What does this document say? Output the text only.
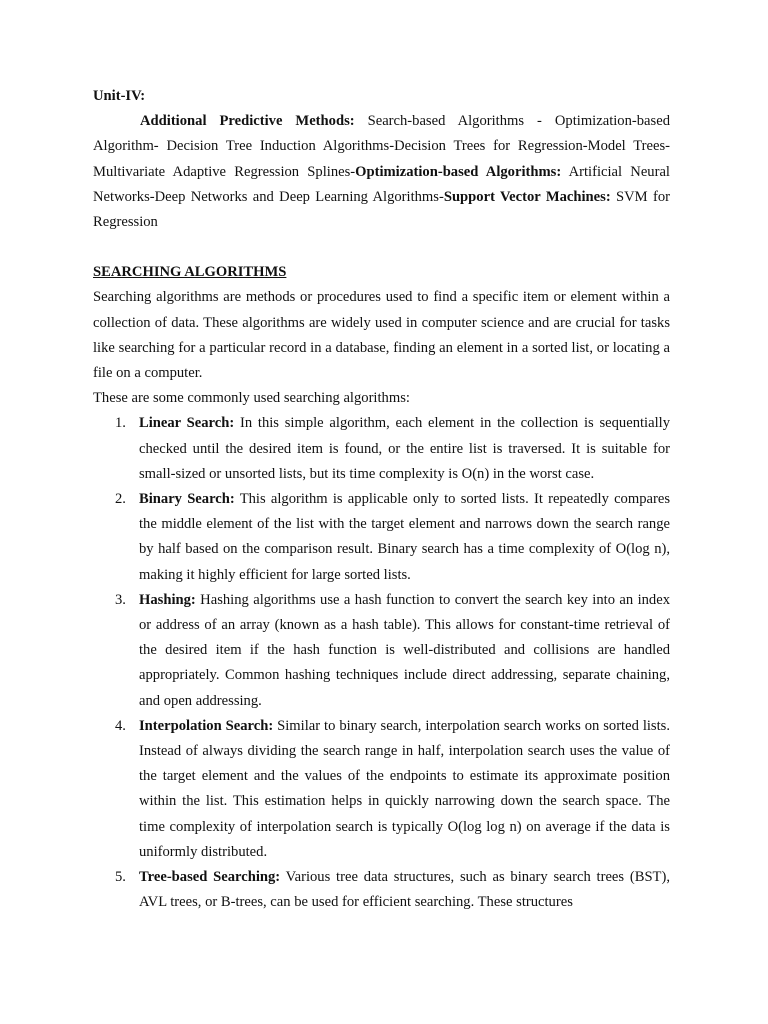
Unit-IV:

Additional Predictive Methods: Search-based Algorithms - Optimization-based Algorithm- Decision Tree Induction Algorithms-Decision Trees for Regression-Model Trees-Multivariate Adaptive Regression Splines-Optimization-based Algorithms: Artificial Neural Networks-Deep Networks and Deep Learning Algorithms-Support Vector Machines: SVM for Regression

SEARCHING ALGORITHMS

Searching algorithms are methods or procedures used to find a specific item or element within a collection of data. These algorithms are widely used in computer science and are crucial for tasks like searching for a particular record in a database, finding an element in a sorted list, or locating a file on a computer.

These are some commonly used searching algorithms:

1. Linear Search: In this simple algorithm, each element in the collection is sequentially checked until the desired item is found, or the entire list is traversed. It is suitable for small-sized or unsorted lists, but its time complexity is O(n) in the worst case.
2. Binary Search: This algorithm is applicable only to sorted lists. It repeatedly compares the middle element of the list with the target element and narrows down the search range by half based on the comparison result. Binary search has a time complexity of O(log n), making it highly efficient for large sorted lists.
3. Hashing: Hashing algorithms use a hash function to convert the search key into an index or address of an array (known as a hash table). This allows for constant-time retrieval of the desired item if the hash function is well-distributed and collisions are handled appropriately. Common hashing techniques include direct addressing, separate chaining, and open addressing.
4. Interpolation Search: Similar to binary search, interpolation search works on sorted lists. Instead of always dividing the search range in half, interpolation search uses the value of the target element and the values of the endpoints to estimate its approximate position within the list. This estimation helps in quickly narrowing down the search space. The time complexity of interpolation search is typically O(log log n) on average if the data is uniformly distributed.
5. Tree-based Searching: Various tree data structures, such as binary search trees (BST), AVL trees, or B-trees, can be used for efficient searching. These structures
